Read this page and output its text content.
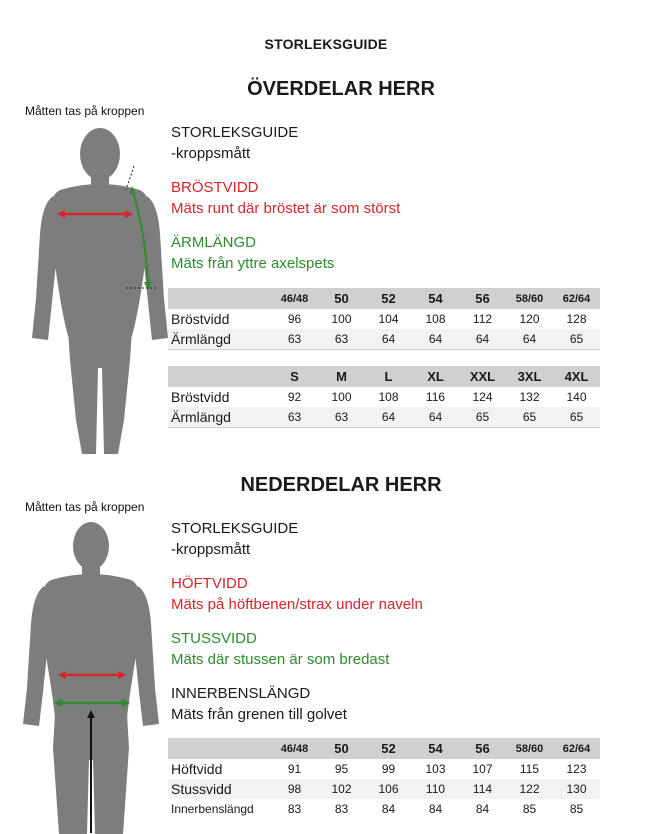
STORLEKSGUIDE
ÖVERDELAR HERR
Måtten tas på kroppen
STORLEKSGUIDE
-kroppsmått
BRÖSTVIDD
Mäts runt där bröstet är som störst
ÄRMLÄNGD
Mäts från yttre axelspets
	46/48	50	52	54	56	58/60	62/64
Bröstvidd	96	100	104	108	112	120	128
Ärmlängd	63	63	64	64	64	64	65
	S	M	L	XL	XXL	3XL	4XL
Bröstvidd	92	100	108	116	124	132	140
Ärmlängd	63	63	64	64	65	65	65
NEDERDELAR HERR
Måtten tas på kroppen
STORLEKSGUIDE
-kroppsmått
HÖFTVIDD
Mäts på höftbenen/strax under naveln
STUSSVIDD
Mäts där stussen är som bredast
INNERBENSLÄNGD
Mäts från grenen till golvet
	46/48	50	52	54	56	58/60	62/64
Höftvidd	91	95	99	103	107	115	123
Stussvidd	98	102	106	110	114	122	130
Innerbenslängd	83	83	84	84	84	85	85
